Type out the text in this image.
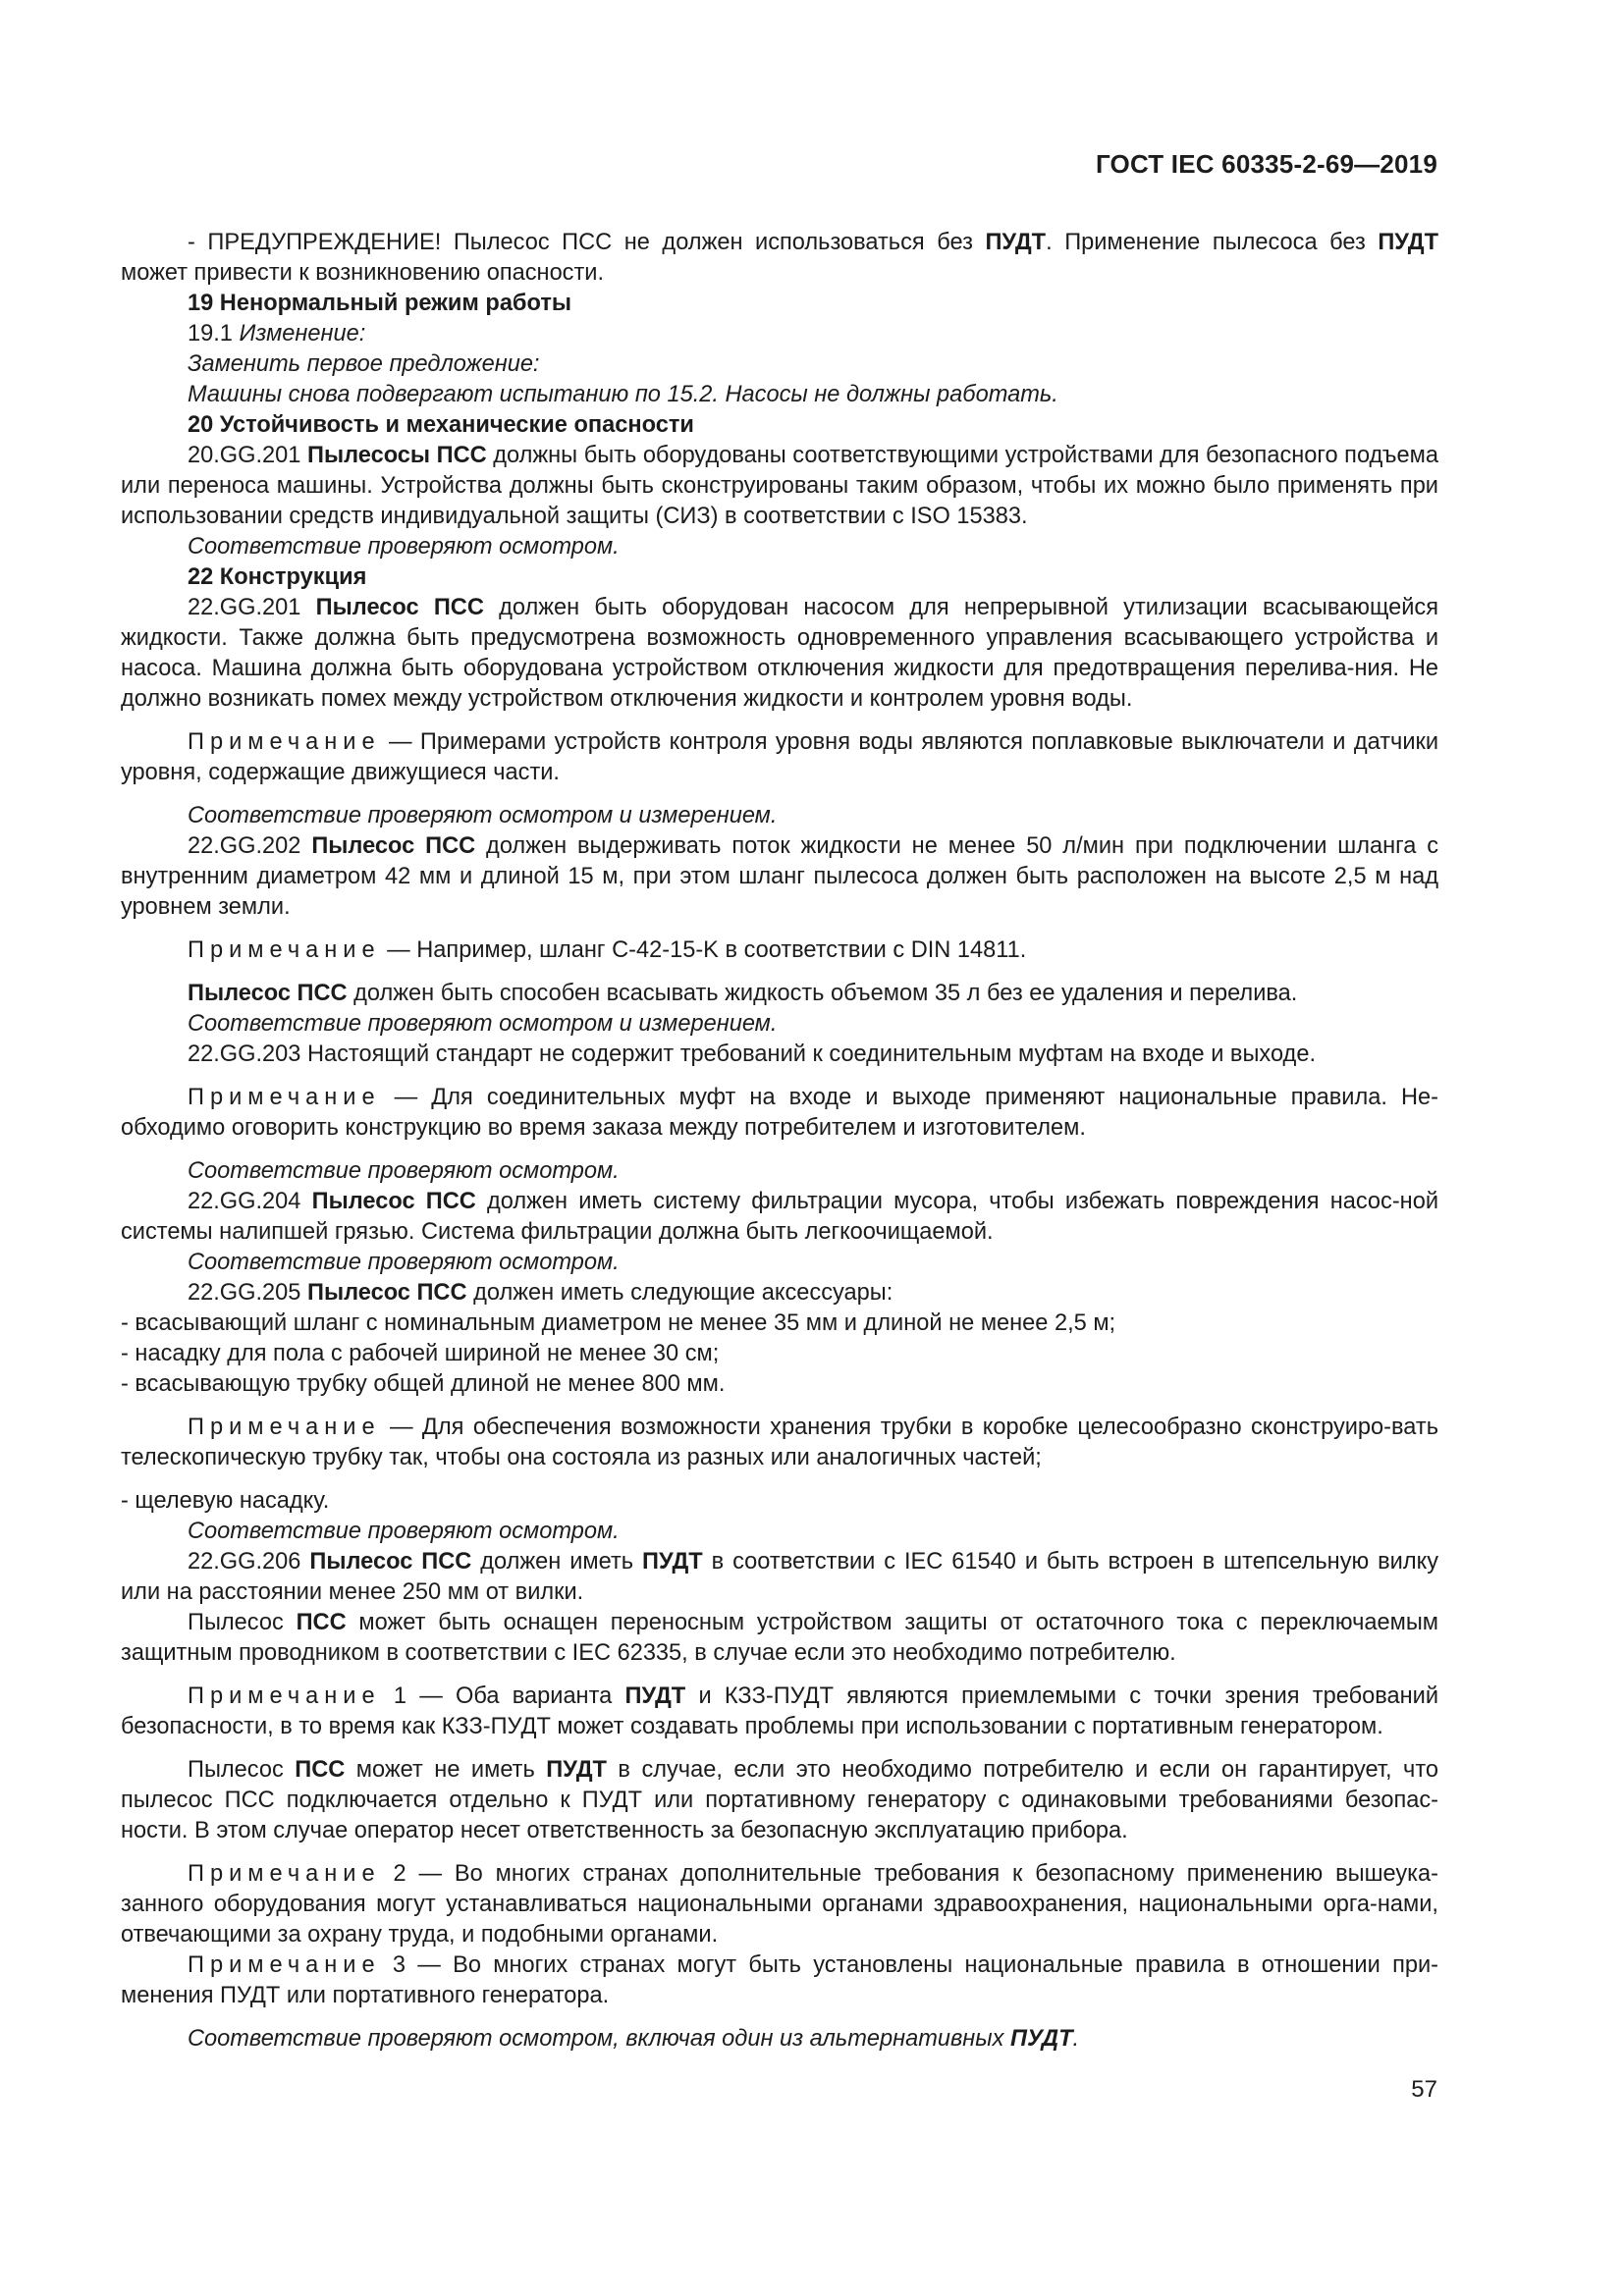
ГОСТ IEC 60335-2-69—2019

- ПРЕДУПРЕЖДЕНИЕ! Пылесос ПСС не должен использоваться без ПУДТ. Применение пылесоса без ПУДТ может привести к возникновению опасности.

19 Ненормальный режим работы

19.1 Изменение:

Заменить первое предложение:

Машины снова подвергают испытанию по 15.2. Насосы не должны работать.

20 Устойчивость и механические опасности

20.GG.201 Пылесосы ПСС должны быть оборудованы соответствующими устройствами для безопасного подъема или переноса машины. Устройства должны быть сконструированы таким образом, чтобы их можно было применять при использовании средств индивидуальной защиты (СИЗ) в соответствии с ISO 15383.

Соответствие проверяют осмотром.

22 Конструкция

22.GG.201 Пылесос ПСС должен быть оборудован насосом для непрерывной утилизации всасывающейся жидкости. Также должна быть предусмотрена возможность одновременного управления всасывающего устройства и насоса. Машина должна быть оборудована устройством отключения жидкости для предотвращения перелива-ния. Не должно возникать помех между устройством отключения жидкости и контролем уровня воды.

Примечание — Примерами устройств контроля уровня воды являются поплавковые выключатели и датчики уровня, содержащие движущиеся части.

Соответствие проверяют осмотром и измерением.

22.GG.202 Пылесос ПСС должен выдерживать поток жидкости не менее 50 л/мин при подключении шланга с внутренним диаметром 42 мм и длиной 15 м, при этом шланг пылесоса должен быть расположен на высоте 2,5 м над уровнем земли.

Примечание — Например, шланг С-42-15-K в соответствии с DIN 14811.

Пылесос ПСС должен быть способен всасывать жидкость объемом 35 л без ее удаления и перелива.

Соответствие проверяют осмотром и измерением.

22.GG.203 Настоящий стандарт не содержит требований к соединительным муфтам на входе и выходе.

Примечание — Для соединительных муфт на входе и выходе применяют национальные правила. Не-обходимо оговорить конструкцию во время заказа между потребителем и изготовителем.

Соответствие проверяют осмотром.

22.GG.204 Пылесос ПСС должен иметь систему фильтрации мусора, чтобы избежать повреждения насос-ной системы налипшей грязью. Система фильтрации должна быть легкоочищаемой.

Соответствие проверяют осмотром.

22.GG.205 Пылесос ПСС должен иметь следующие аксессуары:

- всасывающий шланг с номинальным диаметром не менее 35 мм и длиной не менее 2,5 м;

- насадку для пола с рабочей шириной не менее 30 см;

- всасывающую трубку общей длиной не менее 800 мм.

Примечание — Для обеспечения возможности хранения трубки в коробке целесообразно сконструиро-вать телескопическую трубку так, чтобы она состояла из разных или аналогичных частей;

- щелевую насадку.

Соответствие проверяют осмотром.

22.GG.206 Пылесос ПСС должен иметь ПУДТ в соответствии с IEC 61540 и быть встроен в штепсельную вилку или на расстоянии менее 250 мм от вилки.

Пылесос ПСС может быть оснащен переносным устройством защиты от остаточного тока с переключаемым защитным проводником в соответствии с IEC 62335, в случае если это необходимо потребителю.

Примечание 1 — Оба варианта ПУДТ и КЗЗ-ПУДТ являются приемлемыми с точки зрения требований безопасности, в то время как КЗЗ-ПУДТ может создавать проблемы при использовании с портативным генератором.

Пылесос ПСС может не иметь ПУДТ в случае, если это необходимо потребителю и если он гарантирует, что пылесос ПСС подключается отдельно к ПУДТ или портативному генератору с одинаковыми требованиями безопас-ности. В этом случае оператор несет ответственность за безопасную эксплуатацию прибора.

Примечание 2 — Во многих странах дополнительные требования к безопасному применению вышеука-занного оборудования могут устанавливаться национальными органами здравоохранения, национальными орга-нами, отвечающими за охрану труда, и подобными органами.

Примечание 3 — Во многих странах могут быть установлены национальные правила в отношении при-менения ПУДТ или портативного генератора.

Соответствие проверяют осмотром, включая один из альтернативных ПУДТ.

57
